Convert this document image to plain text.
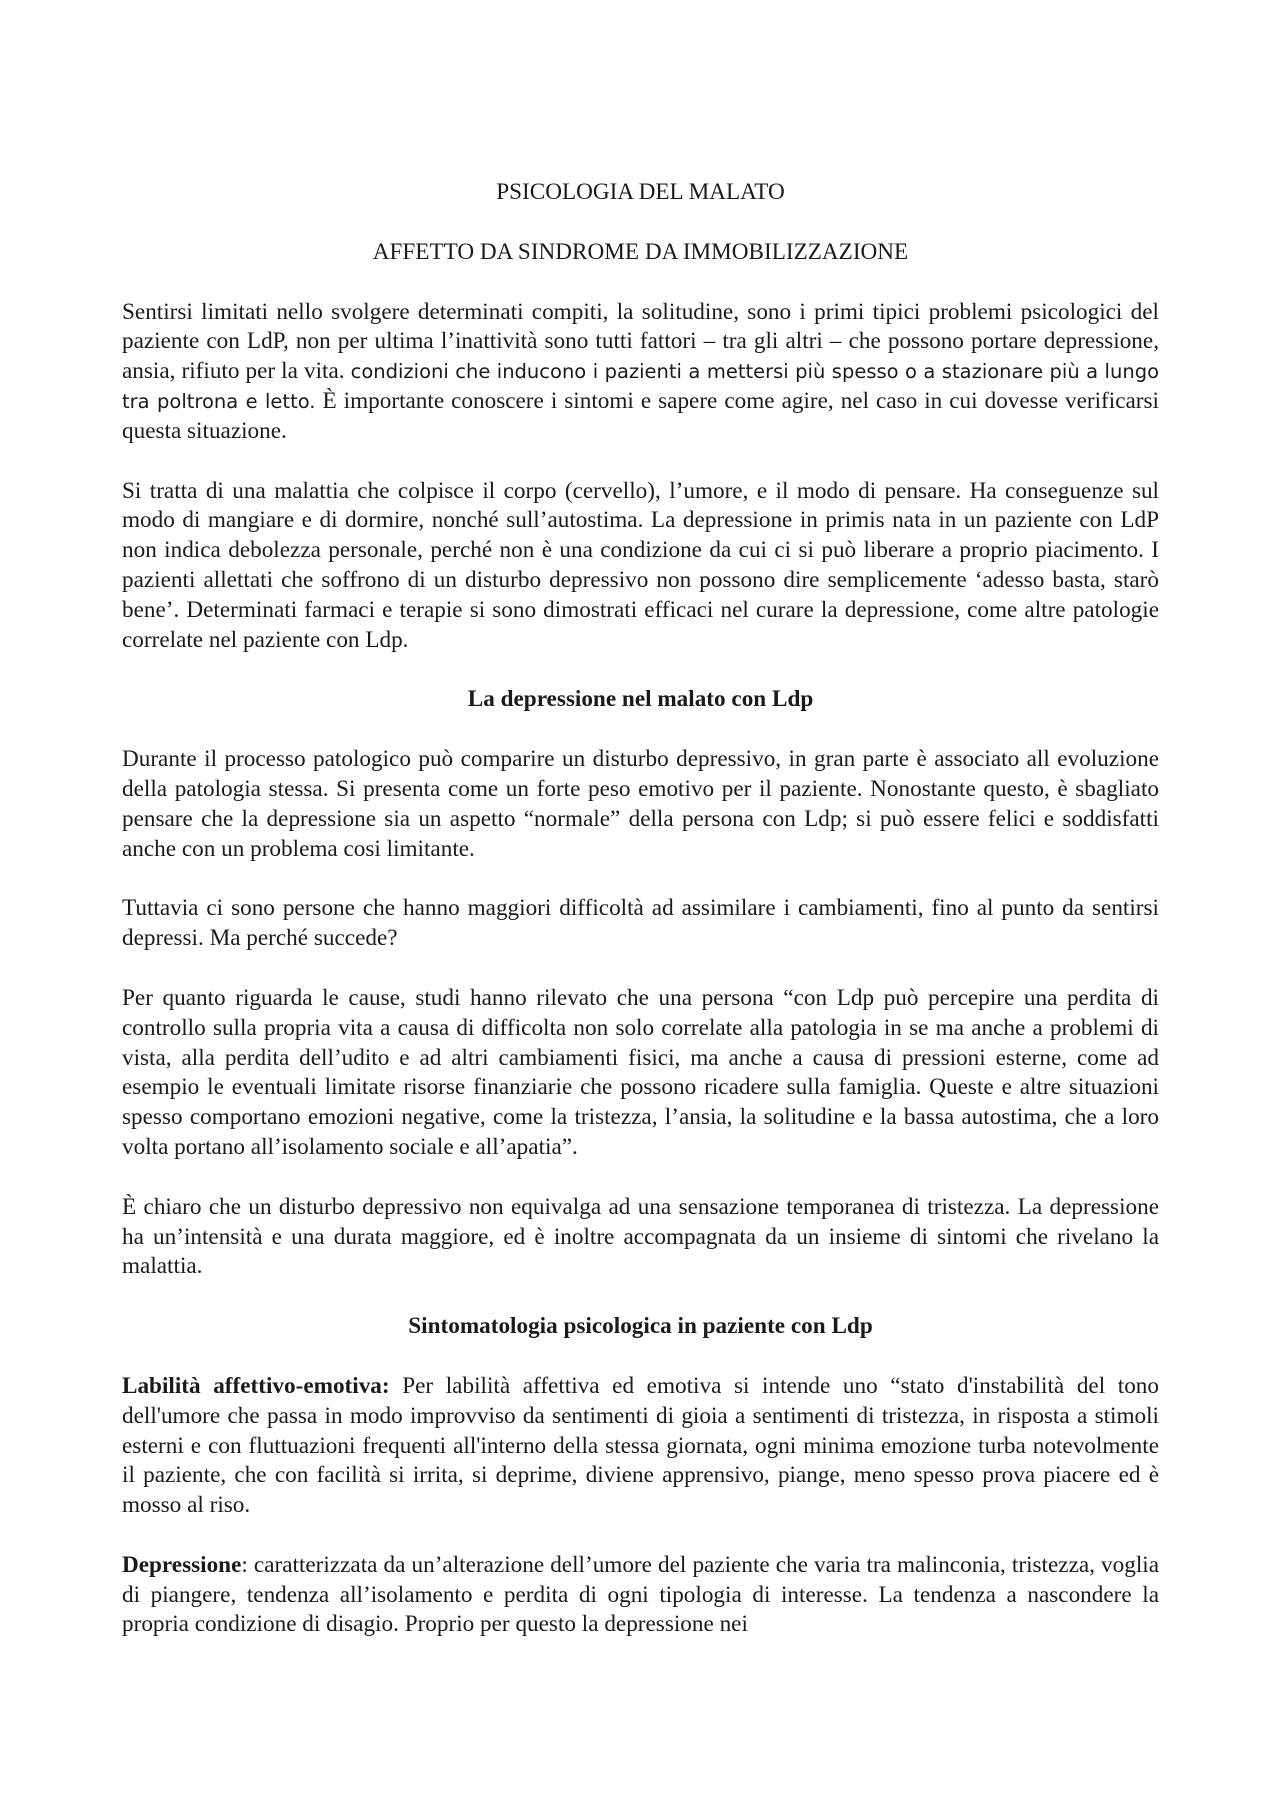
PSICOLOGIA DEL MALATO
AFFETTO DA SINDROME DA IMMOBILIZZAZIONE

Sentirsi limitati nello svolgere determinati compiti, la solitudine, sono i primi tipici problemi psicologici del paziente con LdP, non per ultima l’inattività sono tutti fattori – tra gli altri – che possono portare depressione, ansia, rifiuto per la vita. condizioni che inducono i pazienti a mettersi più spesso o a stazionare più a lungo tra poltrona e letto. È importante conoscere i sintomi e sapere come agire, nel caso in cui dovesse verificarsi questa situazione.

Si tratta di una malattia che colpisce il corpo (cervello), l’umore, e il modo di pensare. Ha conseguenze sul modo di mangiare e di dormire, nonché sull’autostima. La depressione in primis nata in un paziente con LdP non indica debolezza personale, perché non è una condizione da cui ci si può liberare a proprio piacimento. I pazienti allettati che soffrono di un disturbo depressivo non possono dire semplicemente ‘adesso basta, starò bene’. Determinati farmaci e terapie si sono dimostrati efficaci nel curare la depressione, come altre patologie correlate nel paziente con Ldp.

La depressione nel malato con Ldp

Durante il processo patologico può comparire un disturbo depressivo, in gran parte è associato all evoluzione della patologia stessa. Si presenta come un forte peso emotivo per il paziente. Nonostante questo, è sbagliato pensare che la depressione sia un aspetto “normale” della persona con Ldp; si può essere felici e soddisfatti anche con un problema cosi limitante.

Tuttavia ci sono persone che hanno maggiori difficoltà ad assimilare i cambiamenti, fino al punto da sentirsi depressi. Ma perché succede?

Per quanto riguarda le cause, studi hanno rilevato che una persona “con Ldp può percepire una perdita di controllo sulla propria vita a causa di difficolta non solo correlate alla patologia in se ma anche a problemi di vista, alla perdita dell’udito e ad altri cambiamenti fisici, ma anche a causa di pressioni esterne, come ad esempio le eventuali limitate risorse finanziarie che possono ricadere sulla famiglia. Queste e altre situazioni spesso comportano emozioni negative, come la tristezza, l’ansia, la solitudine e la bassa autostima, che a loro volta portano all’isolamento sociale e all’apatia”.

È chiaro che un disturbo depressivo non equivalga ad una sensazione temporanea di tristezza. La depressione ha un’intensità e una durata maggiore, ed è inoltre accompagnata da un insieme di sintomi che rivelano la malattia.

Sintomatologia psicologica in paziente con Ldp

Labilità affettivo-emotiva: Per labilità affettiva ed emotiva si intende uno “stato d'instabilità del tono dell'umore che passa in modo improvviso da sentimenti di gioia a sentimenti di tristezza, in risposta a stimoli esterni e con fluttuazioni frequenti all'interno della stessa giornata, ogni minima emozione turba notevolmente il paziente, che con facilità si irrita, si deprime, diviene apprensivo, piange, meno spesso prova piacere ed è mosso al riso.

Depressione: caratterizzata da un’alterazione dell’umore del paziente che varia tra malinconia, tristezza, voglia di piangere, tendenza all’isolamento e perdita di ogni tipologia di interesse. La tendenza a nascondere la propria condizione di disagio. Proprio per questo la depressione nei
